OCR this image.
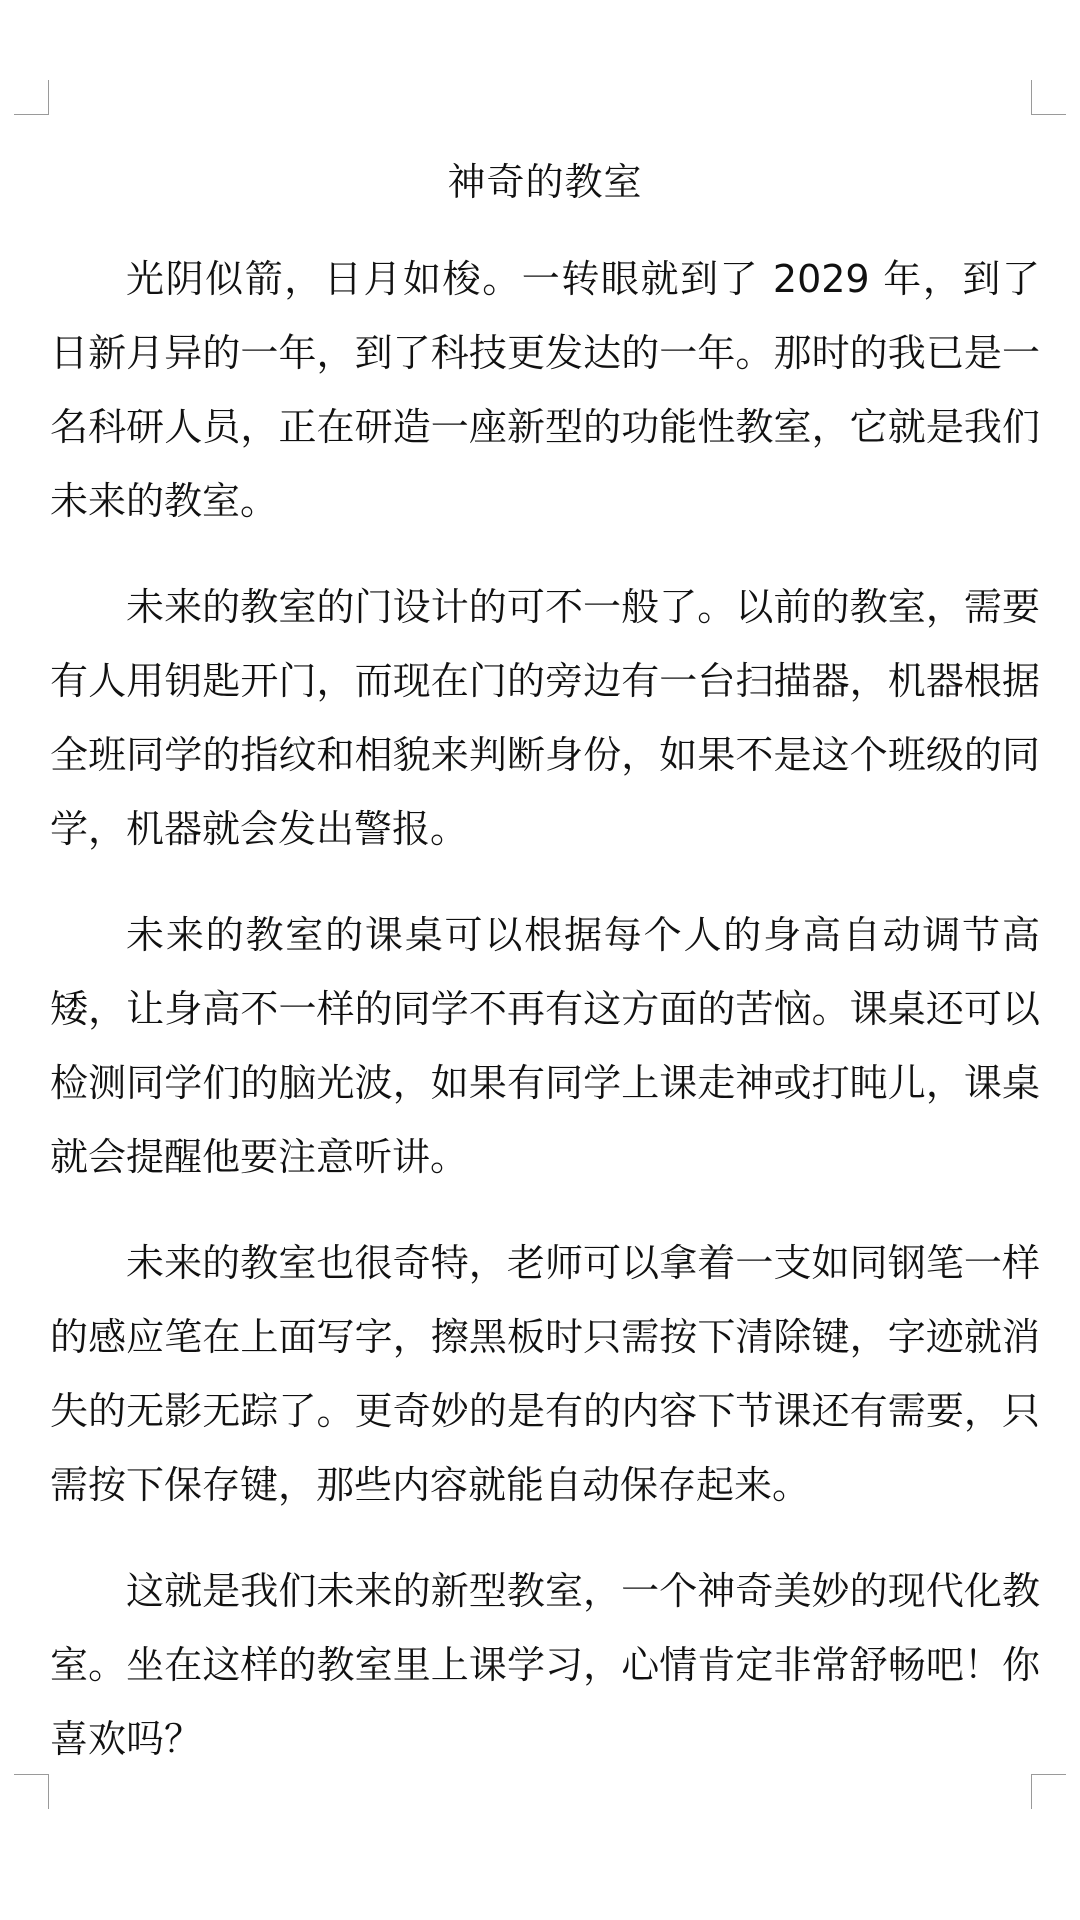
神奇的教室

光阴似箭，日月如梭。一转眼就到了 2029 年，到了日新月异的一年，到了科技更发达的一年。那时的我已是一名科研人员，正在研造一座新型的功能性教室，它就是我们未来的教室。

未来的教室的门设计的可不一般了。以前的教室，需要有人用钥匙开门，而现在门的旁边有一台扫描器，机器根据全班同学的指纹和相貌来判断身份，如果不是这个班级的同学，机器就会发出警报。

未来的教室的课桌可以根据每个人的身高自动调节高矮，让身高不一样的同学不再有这方面的苦恼。课桌还可以检测同学们的脑光波，如果有同学上课走神或打盹儿，课桌就会提醒他要注意听讲。

未来的教室也很奇特，老师可以拿着一支如同钢笔一样的感应笔在上面写字，擦黑板时只需按下清除键，字迹就消失的无影无踪了。更奇妙的是有的内容下节课还有需要，只需按下保存键，那些内容就能自动保存起来。

这就是我们未来的新型教室，一个神奇美妙的现代化教室。坐在这样的教室里上课学习，心情肯定非常舒畅吧！你喜欢吗？
